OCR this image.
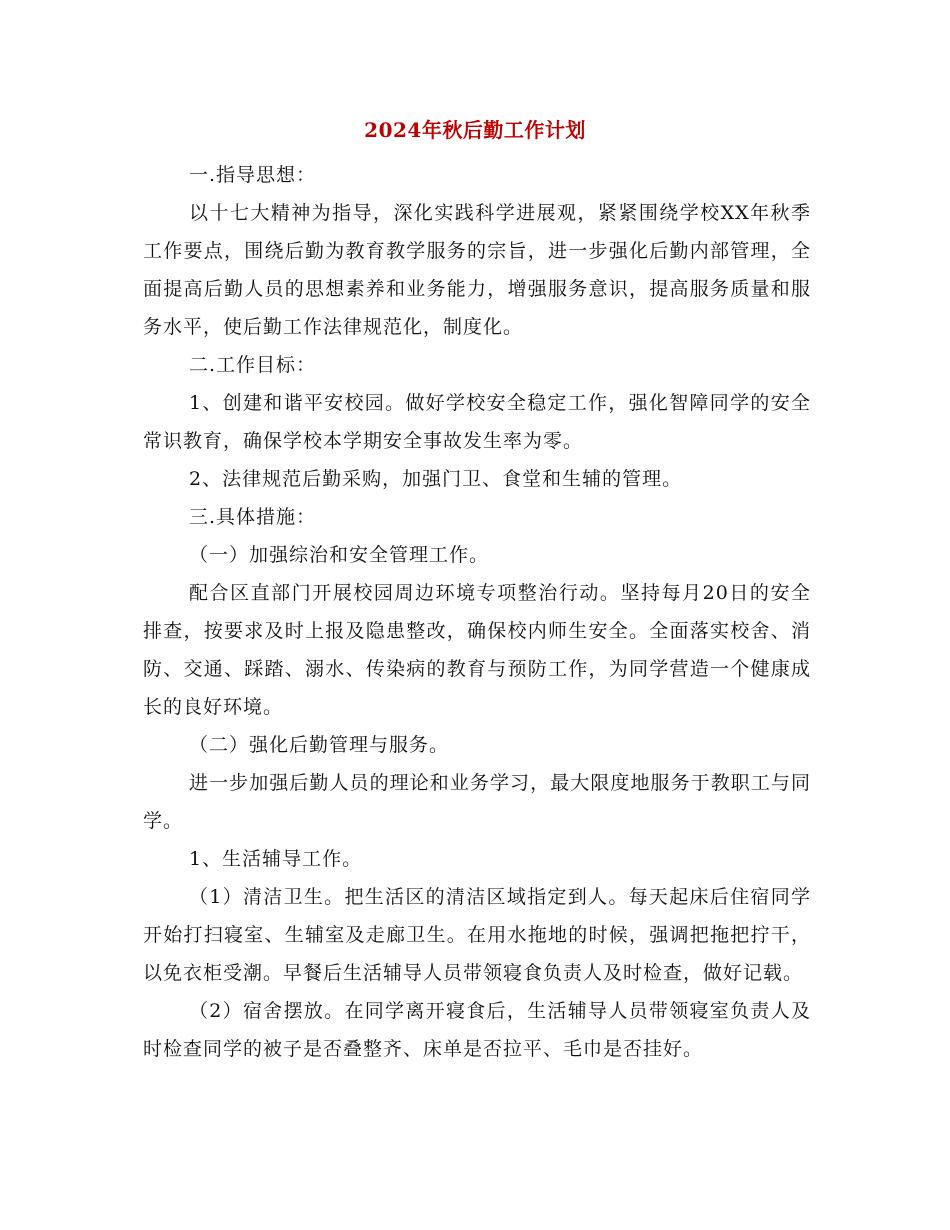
2024年秋后勤工作计划

一.指导思想：

以十七大精神为指导，深化实践科学进展观，紧紧围绕学校XX年秋季工作要点，围绕后勤为教育教学服务的宗旨，进一步强化后勤内部管理，全面提高后勤人员的思想素养和业务能力，增强服务意识，提高服务质量和服务水平，使后勤工作法律规范化，制度化。

二.工作目标：

1、创建和谐平安校园。做好学校安全稳定工作，强化智障同学的安全常识教育，确保学校本学期安全事故发生率为零。

2、法律规范后勤采购，加强门卫、食堂和生辅的管理。

三.具体措施：

（一）加强综治和安全管理工作。

配合区直部门开展校园周边环境专项整治行动。坚持每月20日的安全排查，按要求及时上报及隐患整改，确保校内师生安全。全面落实校舍、消防、交通、踩踏、溺水、传染病的教育与预防工作，为同学营造一个健康成长的良好环境。

（二）强化后勤管理与服务。

进一步加强后勤人员的理论和业务学习，最大限度地服务于教职工与同学。

1、生活辅导工作。

（1）清洁卫生。把生活区的清洁区域指定到人。每天起床后住宿同学开始打扫寝室、生辅室及走廊卫生。在用水拖地的时候，强调把拖把拧干，以免衣柜受潮。早餐后生活辅导人员带领寝食负责人及时检查，做好记载。

（2）宿舍摆放。在同学离开寝食后，生活辅导人员带领寝室负责人及时检查同学的被子是否叠整齐、床单是否拉平、毛巾是否挂好。
